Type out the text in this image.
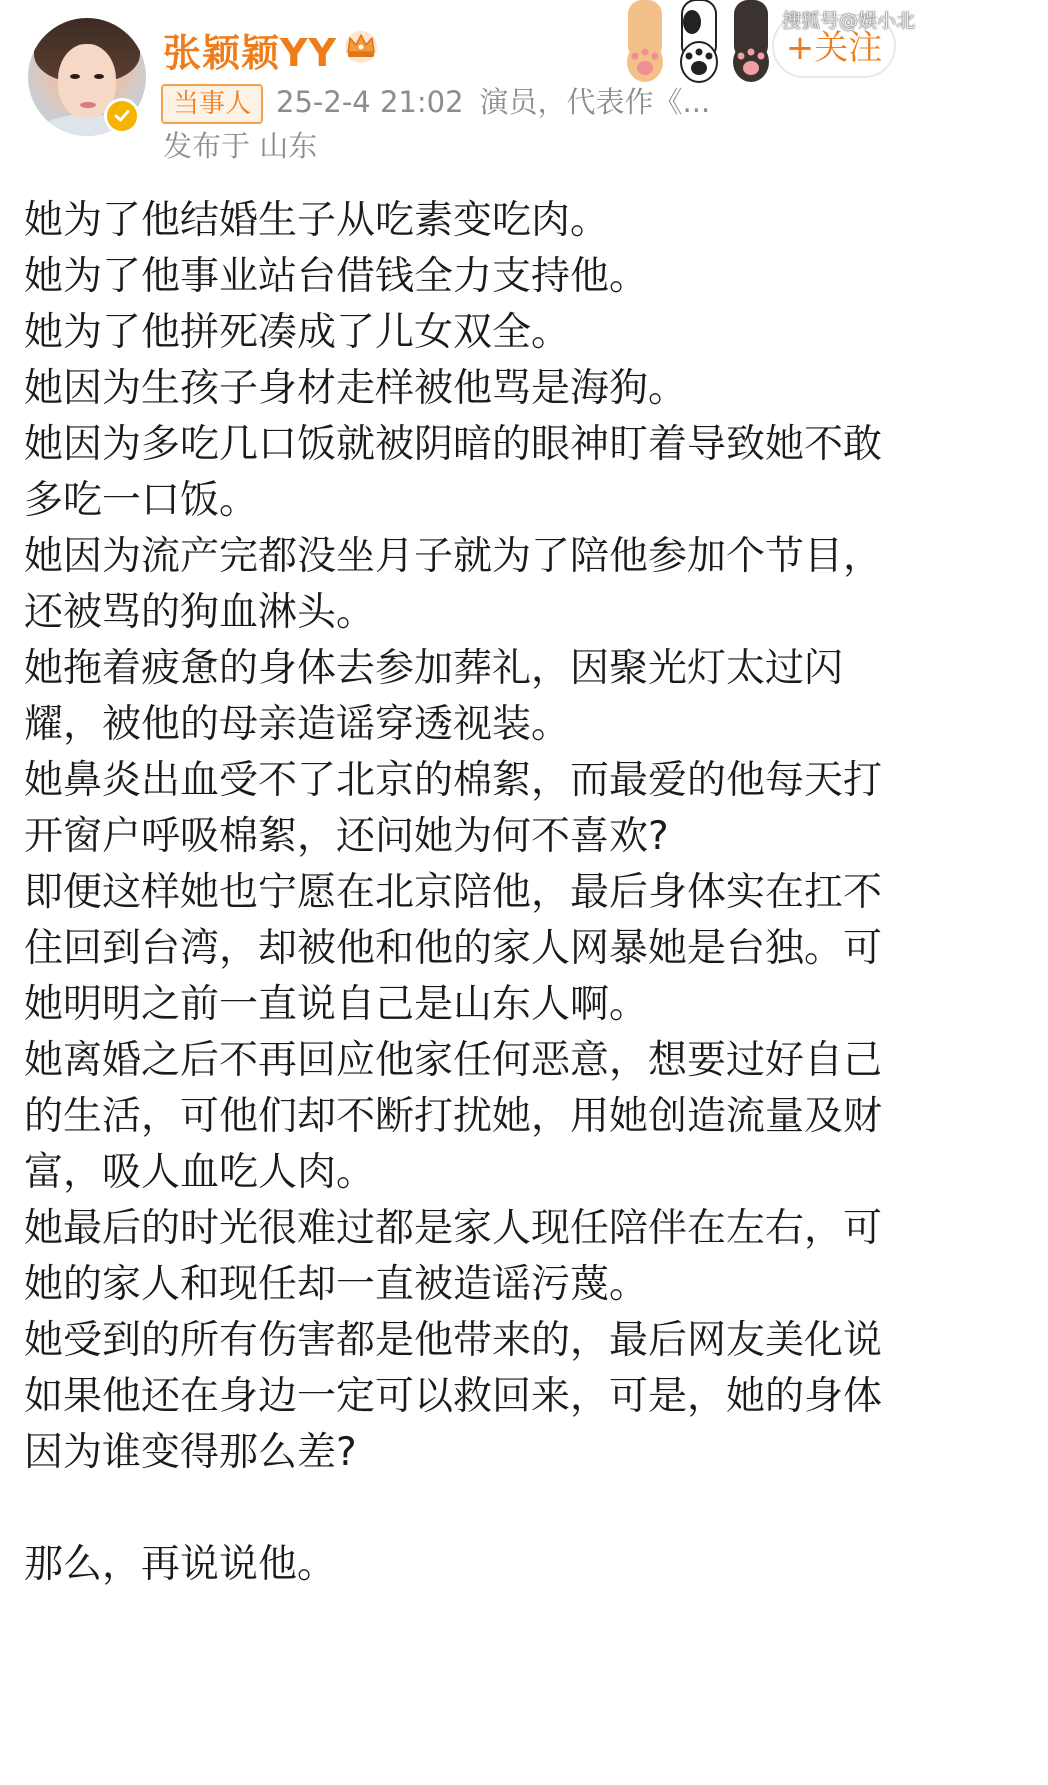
张颖颖YY
当事人 25-2-4 21:02 演员，代表作《...
发布于 山东
+关注
搜狐号@娱小北
她为了他结婚生子从吃素变吃肉。
她为了他事业站台借钱全力支持他。
她为了他拼死凑成了儿女双全。
她因为生孩子身材走样被他骂是海狗。
她因为多吃几口饭就被阴暗的眼神盯着导致她不敢
多吃一口饭。
她因为流产完都没坐月子就为了陪他参加个节目，
还被骂的狗血淋头。
她拖着疲惫的身体去参加葬礼，因聚光灯太过闪
耀，被他的母亲造谣穿透视装。
她鼻炎出血受不了北京的棉絮，而最爱的他每天打
开窗户呼吸棉絮，还问她为何不喜欢?
即便这样她也宁愿在北京陪他，最后身体实在扛不
住回到台湾，却被他和他的家人网暴她是台独。可
她明明之前一直说自己是山东人啊。
她离婚之后不再回应他家任何恶意，想要过好自己
的生活，可他们却不断打扰她，用她创造流量及财
富，吸人血吃人肉。
她最后的时光很难过都是家人现任陪伴在左右，可
她的家人和现任却一直被造谣污蔑。
她受到的所有伤害都是他带来的，最后网友美化说
如果他还在身边一定可以救回来，可是，她的身体
因为谁变得那么差?
那么，再说说他。
